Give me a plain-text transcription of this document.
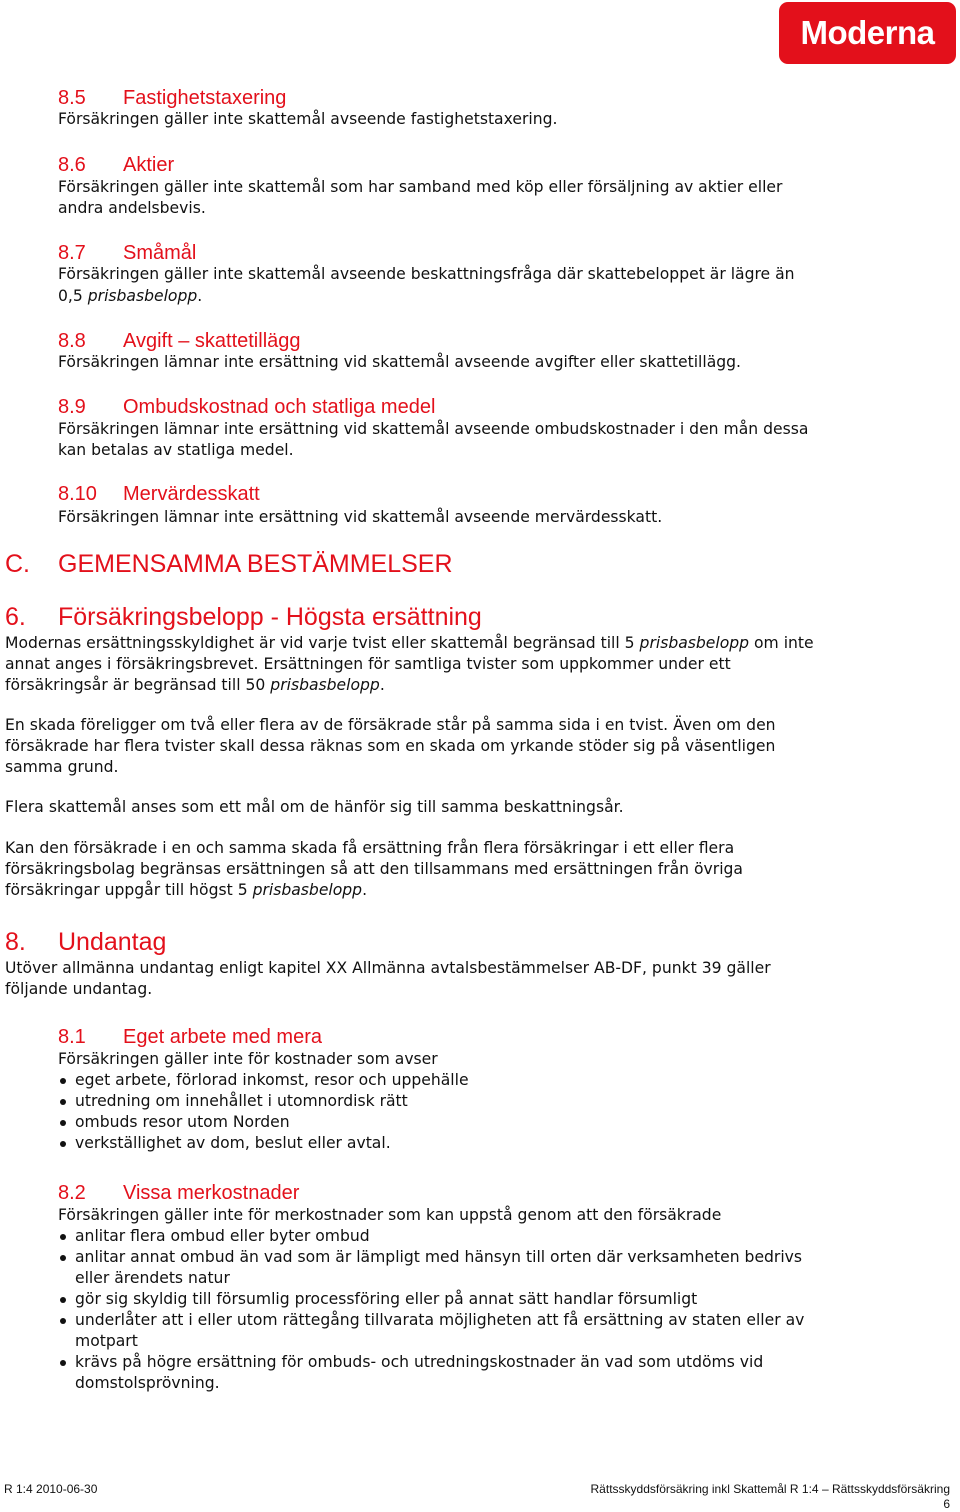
Moderna
8.5 Fastighetstaxering
Försäkringen gäller inte skattemål avseende fastighetstaxering.
8.6 Aktier
Försäkringen gäller inte skattemål som har samband med köp eller försäljning av aktier eller
andra andelsbevis.
8.7 Småmål
Försäkringen gäller inte skattemål avseende beskattningsfråga där skattebeloppet är lägre än
0,5 prisbasbelopp.
8.8 Avgift – skattetillägg
Försäkringen lämnar inte ersättning vid skattemål avseende avgifter eller skattetillägg.
8.9 Ombudskostnad och statliga medel
Försäkringen lämnar inte ersättning vid skattemål avseende ombudskostnader i den mån dessa
kan betalas av statliga medel.
8.10 Mervärdesskatt
Försäkringen lämnar inte ersättning vid skattemål avseende mervärdesskatt.
C. GEMENSAMMA BESTÄMMELSER
6. Försäkringsbelopp - Högsta ersättning
Modernas ersättningsskyldighet är vid varje tvist eller skattemål begränsad till 5 prisbasbelopp om inte
annat anges i försäkringsbrevet. Ersättningen för samtliga tvister som uppkommer under ett
försäkringsår är begränsad till 50 prisbasbelopp.
En skada föreligger om två eller flera av de försäkrade står på samma sida i en tvist. Även om den
försäkrade har flera tvister skall dessa räknas som en skada om yrkande stöder sig på väsentligen
samma grund.
Flera skattemål anses som ett mål om de hänför sig till samma beskattningsår.
Kan den försäkrade i en och samma skada få ersättning från flera försäkringar i ett eller flera
försäkringsbolag begränsas ersättningen så att den tillsammans med ersättningen från övriga
försäkringar uppgår till högst 5 prisbasbelopp.
8. Undantag
Utöver allmänna undantag enligt kapitel XX Allmänna avtalsbestämmelser AB-DF, punkt 39 gäller
följande undantag.
8.1 Eget arbete med mera
Försäkringen gäller inte för kostnader som avser
eget arbete, förlorad inkomst, resor och uppehälle
utredning om innehållet i utomnordisk rätt
ombuds resor utom Norden
verkställighet av dom, beslut eller avtal.
8.2 Vissa merkostnader
Försäkringen gäller inte för merkostnader som kan uppstå genom att den försäkrade
anlitar flera ombud eller byter ombud
anlitar annat ombud än vad som är lämpligt med hänsyn till orten där verksamheten bedrivs
eller ärendets natur
gör sig skyldig till försumlig processföring eller på annat sätt handlar försumligt
underlåter att i eller utom rättegång tillvarata möjligheten att få ersättning av staten eller av
motpart
krävs på högre ersättning för ombuds- och utredningskostnader än vad som utdöms vid
domstolsprövning.
R 1:4 2010-06-30	Rättsskyddsförsäkring inkl Skattemål R 1:4 – Rättsskyddsförsäkring
6
